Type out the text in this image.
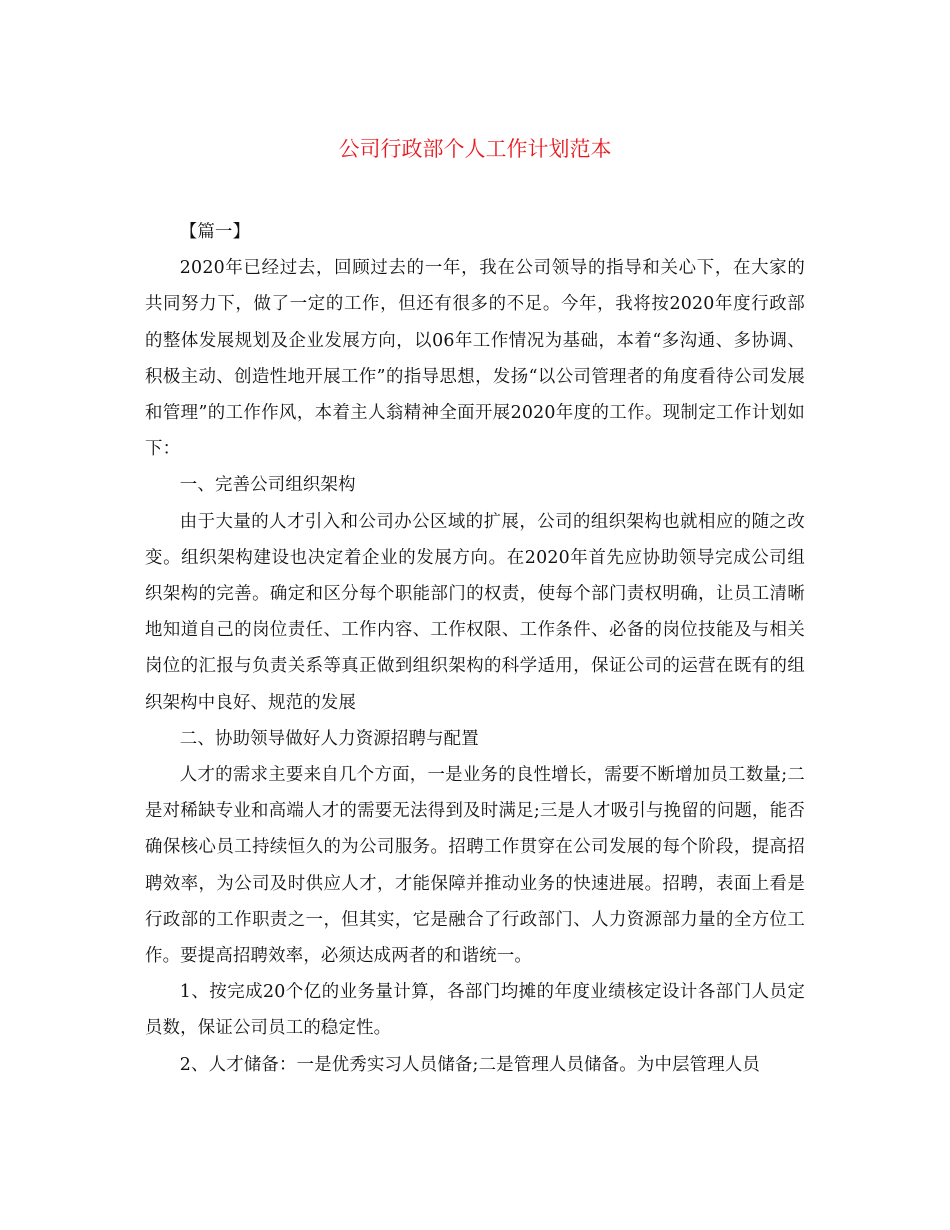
公司行政部个人工作计划范本

【篇一】

2020年已经过去，回顾过去的一年，我在公司领导的指导和关心下，在大家的共同努力下，做了一定的工作，但还有很多的不足。今年，我将按2020年度行政部的整体发展规划及企业发展方向，以06年工作情况为基础，本着“多沟通、多协调、积极主动、创造性地开展工作”的指导思想，发扬“以公司管理者的角度看待公司发展和管理”的工作作风，本着主人翁精神全面开展2020年度的工作。现制定工作计划如下：

一、完善公司组织架构

由于大量的人才引入和公司办公区域的扩展，公司的组织架构也就相应的随之改变。组织架构建设也决定着企业的发展方向。在2020年首先应协助领导完成公司组织架构的完善。确定和区分每个职能部门的权责，使每个部门责权明确，让员工清晰地知道自己的岗位责任、工作内容、工作权限、工作条件、必备的岗位技能及与相关岗位的汇报与负责关系等真正做到组织架构的科学适用，保证公司的运营在既有的组织架构中良好、规范的发展

二、协助领导做好人力资源招聘与配置

人才的需求主要来自几个方面，一是业务的良性增长，需要不断增加员工数量;二是对稀缺专业和高端人才的需要无法得到及时满足;三是人才吸引与挽留的问题，能否确保核心员工持续恒久的为公司服务。招聘工作贯穿在公司发展的每个阶段，提高招聘效率，为公司及时供应人才，才能保障并推动业务的快速进展。招聘，表面上看是行政部的工作职责之一，但其实，它是融合了行政部门、人力资源部力量的全方位工作。要提高招聘效率，必须达成两者的和谐统一。

1、按完成20个亿的业务量计算，各部门均摊的年度业绩核定设计各部门人员定员数，保证公司员工的稳定性。

2、人才储备：一是优秀实习人员储备;二是管理人员储备。为中层管理人员
